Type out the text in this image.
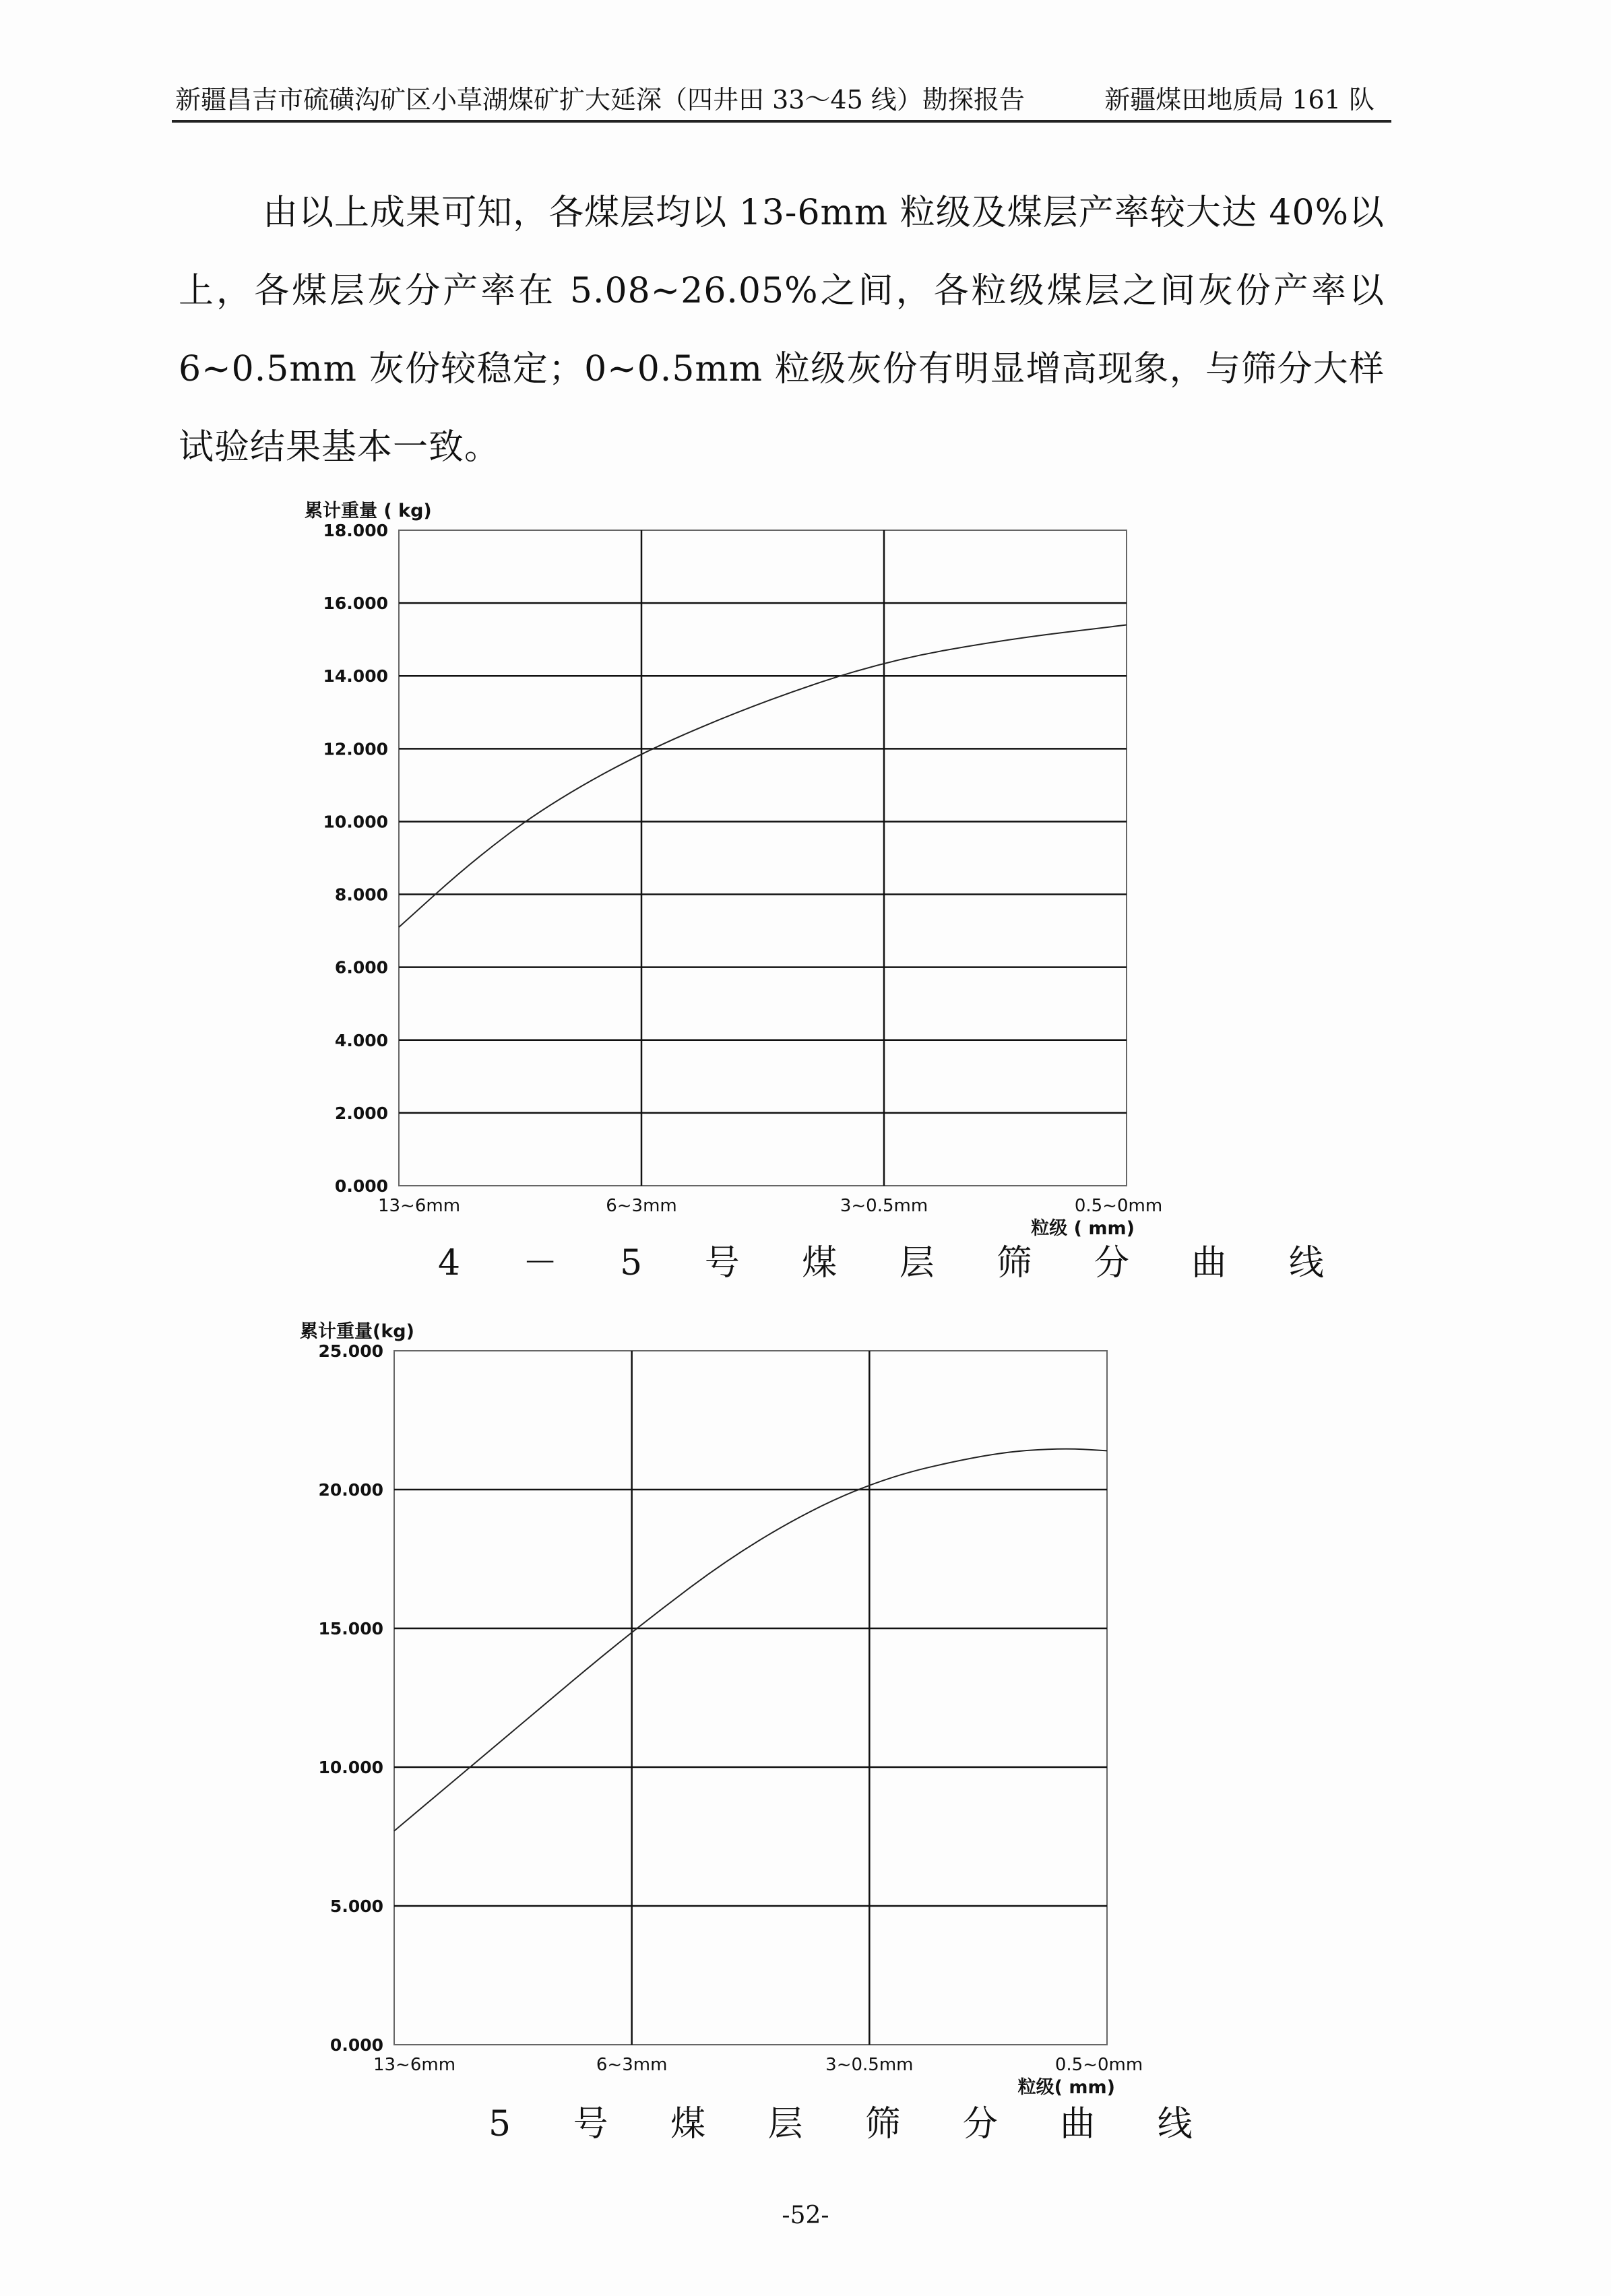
新疆昌吉市硫磺沟矿区小草湖煤矿扩大延深（四井田 33～45 线）勘探报告	新疆煤田地质局 161 队
由以上成果可知，各煤层均以 13-6mm 粒级及煤层产率较大达 40%以上，各煤层灰分产率在 5.08~26.05%之间，各粒级煤层之间灰份产率以 6~0.5mm 灰份较稳定；0~0.5mm 粒级灰份有明显增高现象，与筛分大样试验结果基本一致。
0.000
2.000
4.000
6.000
8.000
10.000
12.000
14.000
16.000
18.000
13~6mm	6~3mm	3~0.5mm	0.5~0mm
累计重量 ( kg)
粒级 ( mm)
4 － 5 号 煤 层 筛 分 曲 线
0.000
5.000
10.000
15.000
20.000
25.000
13~6mm	6~3mm	3~0.5mm	0.5~0mm
累计重量(kg)
粒级( mm)
5 号 煤 层 筛 分 曲 线
-52-
